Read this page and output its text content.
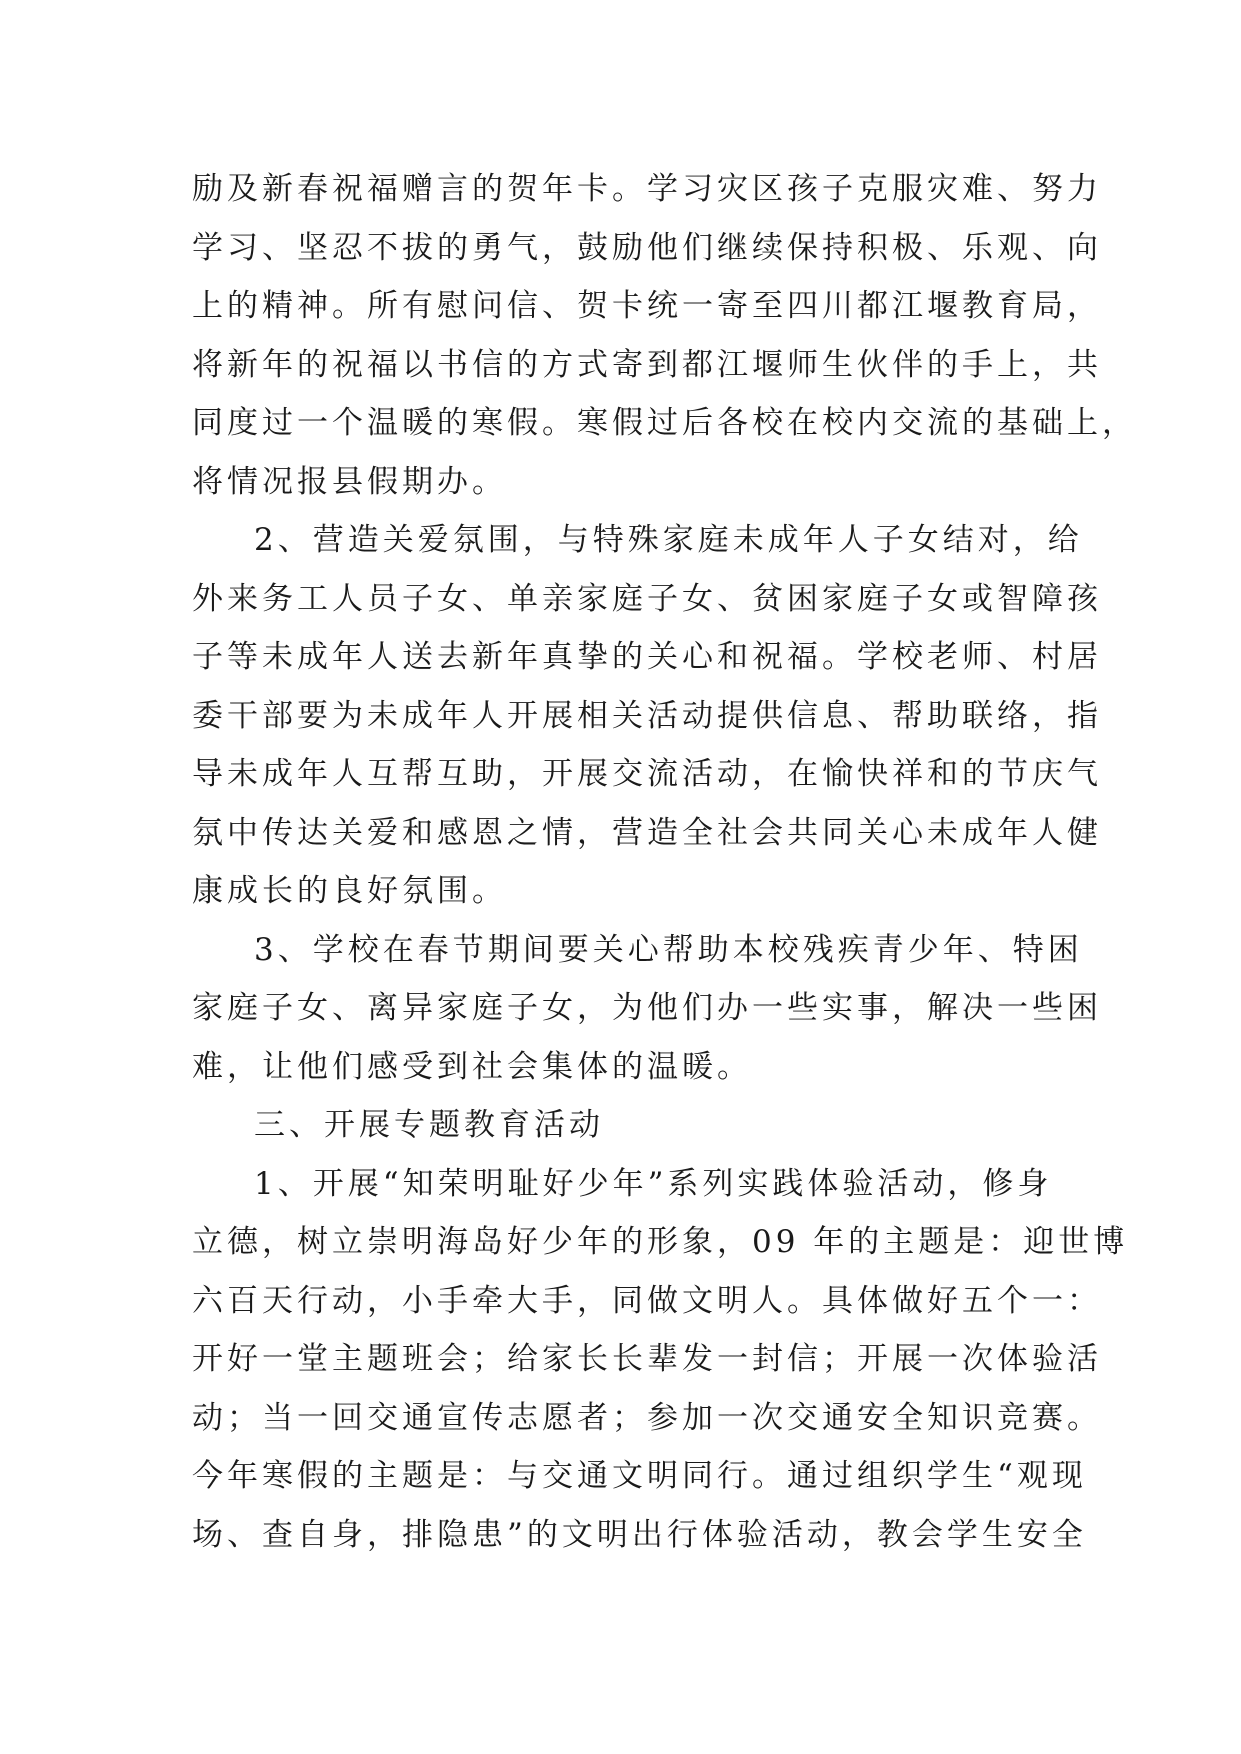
励及新春祝福赠言的贺年卡。学习灾区孩子克服灾难、努力
学习、坚忍不拔的勇气，鼓励他们继续保持积极、乐观、向
上的精神。所有慰问信、贺卡统一寄至四川都江堰教育局，
将新年的祝福以书信的方式寄到都江堰师生伙伴的手上，共
同度过一个温暖的寒假。寒假过后各校在校内交流的基础上，
将情况报县假期办。
2、营造关爱氛围，与特殊家庭未成年人子女结对，给
外来务工人员子女、单亲家庭子女、贫困家庭子女或智障孩
子等未成年人送去新年真挚的关心和祝福。学校老师、村居
委干部要为未成年人开展相关活动提供信息、帮助联络，指
导未成年人互帮互助，开展交流活动，在愉快祥和的节庆气
氛中传达关爱和感恩之情，营造全社会共同关心未成年人健
康成长的良好氛围。
3、学校在春节期间要关心帮助本校残疾青少年、特困
家庭子女、离异家庭子女，为他们办一些实事，解决一些困
难，让他们感受到社会集体的温暖。
三、开展专题教育活动
1、开展“知荣明耻好少年”系列实践体验活动，修身
立德，树立崇明海岛好少年的形象，09 年的主题是：迎世博
六百天行动，小手牵大手，同做文明人。具体做好五个一：
开好一堂主题班会；给家长长辈发一封信；开展一次体验活
动；当一回交通宣传志愿者；参加一次交通安全知识竞赛。
今年寒假的主题是：与交通文明同行。通过组织学生“观现
场、查自身，排隐患”的文明出行体验活动，教会学生安全
